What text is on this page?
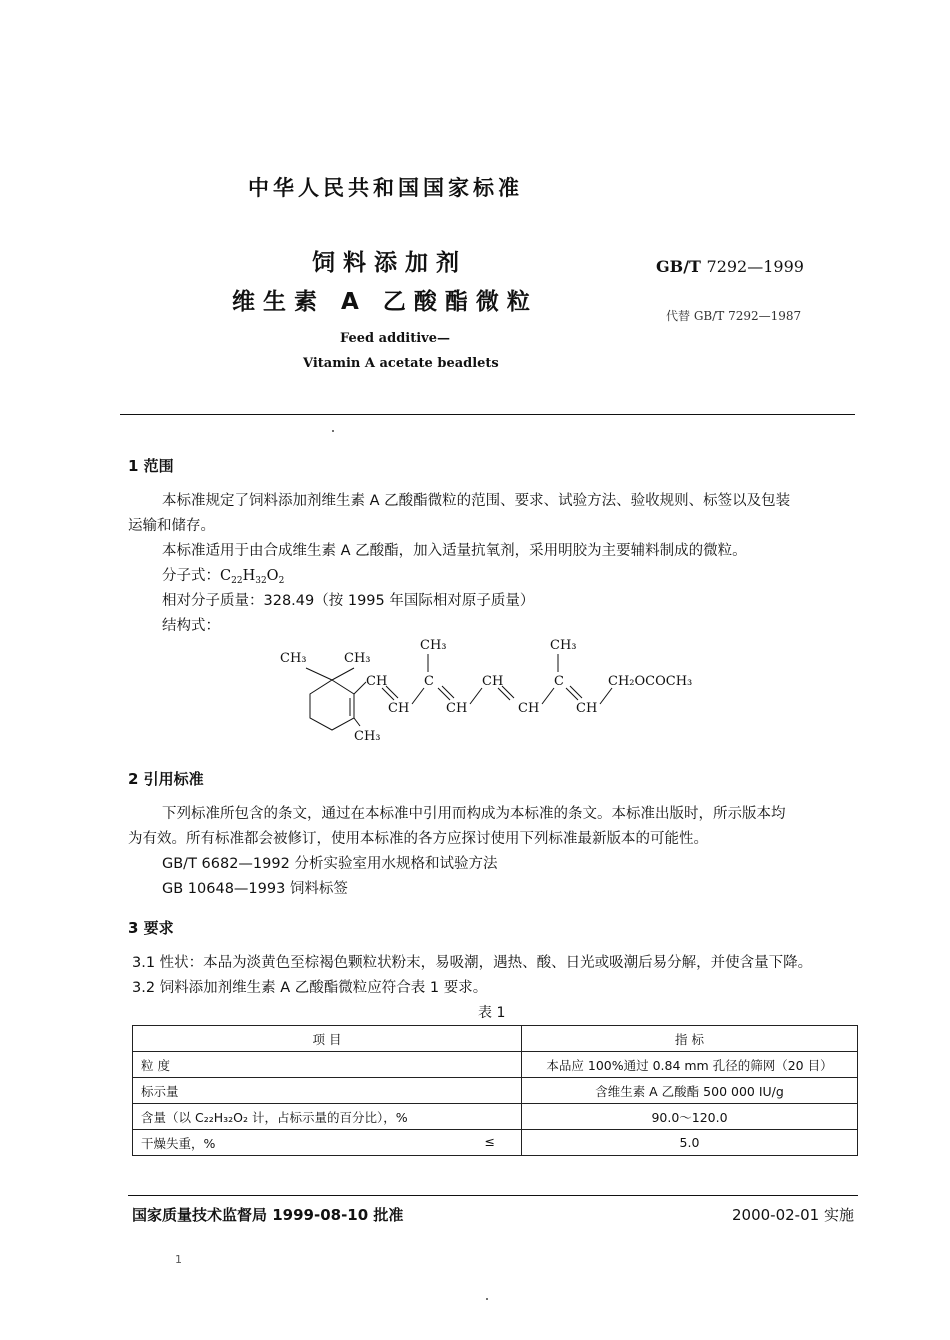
中华人民共和国国家标准
饲料添加剂
维生素 A 乙酸酯微粒
GB/T 7292—1999
代替 GB/T 7292—1987
Feed additive—
Vitamin A acetate beadlets
1 范围
本标准规定了饲料添加剂维生素 A 乙酸酯微粒的范围、要求、试验方法、验收规则、标签以及包装
运输和储存。
本标准适用于由合成维生素 A 乙酸酯，加入适量抗氧剂，采用明胶为主要辅料制成的微粒。
分子式：$C_{22}H_{32}O_2$
相对分子质量：328.49（按 1995 年国际相对原子质量）
结构式：
CH₃	CH₃
CH₃
CH
CH
C
CH₃
CH
CH
CH
C
CH₃
CH
CH₂OCOCH₃
2 引用标准
下列标准所包含的条文，通过在本标准中引用而构成为本标准的条文。本标准出版时，所示版本均
为有效。所有标准都会被修订，使用本标准的各方应探讨使用下列标准最新版本的可能性。
GB/T 6682—1992 分析实验室用水规格和试验方法
GB 10648—1993 饲料标签
3 要求
3.1 性状：本品为淡黄色至棕褐色颗粒状粉末，易吸潮，遇热、酸、日光或吸潮后易分解，并使含量下降。
3.2 饲料添加剂维生素 A 乙酸酯微粒应符合表 1 要求。
表 1
项 目	指 标
粒 度	本品应 100%通过 0.84 mm 孔径的筛网（20 目）
标示量	含维生素 A 乙酸酯 500 000 IU/g
含量（以 C₂₂H₃₂O₂ 计，占标示量的百分比），%	90.0～120.0
干燥失重，% ≤	5.0
国家质量技术监督局 1999-08-10 批准	2000-02-01 实施
1
